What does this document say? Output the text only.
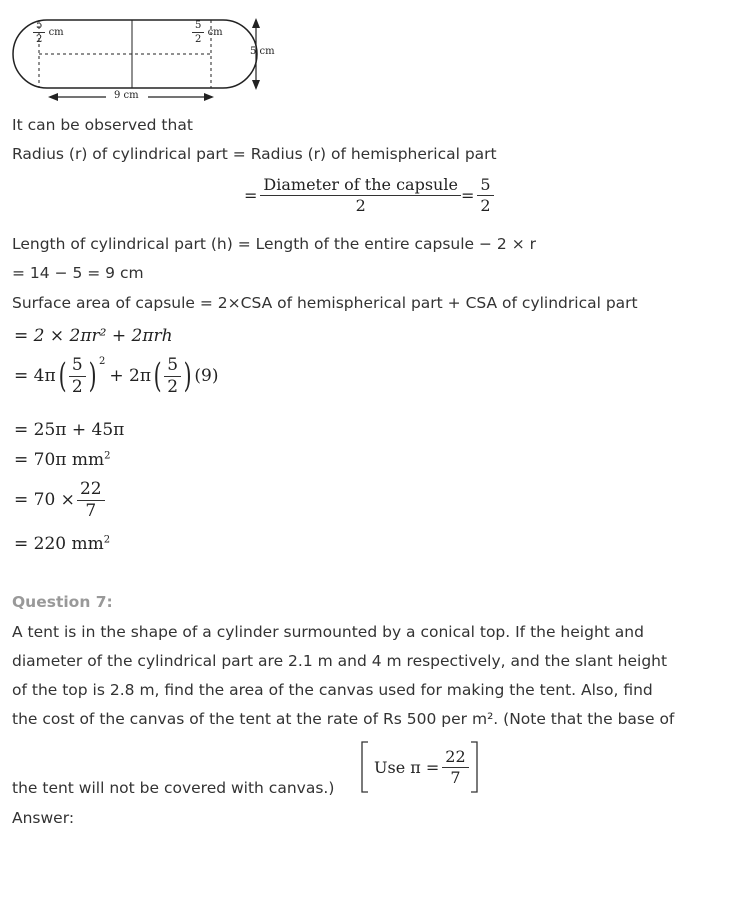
$\frac{5}{2}$ cm	$\frac{5}{2}$ cm
5 cm
9 cm
It can be observed that
Radius (r) of cylindrical part = Radius (r) of hemispherical part
= $\frac{\text{Diameter of the capsule}}{2} = \frac{5}{2}$
Length of cylindrical part (h) = Length of the entire capsule − 2 × r
= 14 − 5 = 9 cm
Surface area of capsule = 2×CSA of hemispherical part + CSA of cylindrical part
= 2 × 2πr² + 2πrh
= 4π ( $\frac{5}{2}$ ) $^2$
+ 2π ( $\frac{5}{2}$ ) (9)
= 25π + 45π
= 70π $mm^2$
= $70 \times \frac{22}{7}$
= 220 $mm^2$
Question 7:
A tent is in the shape of a cylinder surmounted by a conical top. If the height and
diameter of the cylindrical part are 2.1 m and 4 m respectively, and the slant height
of the top is 2.8 m, find the area of the canvas used for making the tent. Also, find
the cost of the canvas of the tent at the rate of Rs 500 per m². (Note that the base of
the tent will not be covered with canvas.)
Use $\pi = \frac{22}{7}$
Answer:
